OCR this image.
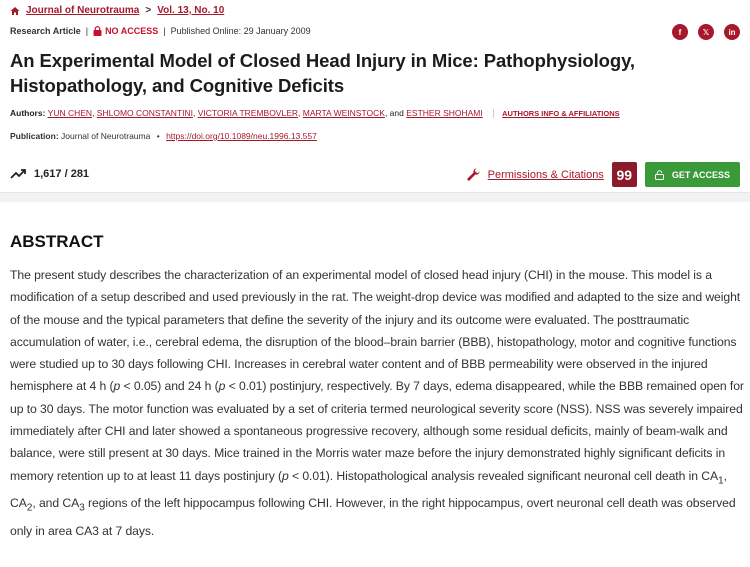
Journal of Neurotrauma > Vol. 13, No. 10
Research Article | NO ACCESS | Published Online: 29 January 2009	f	𝕏	in
An Experimental Model of Closed Head Injury in Mice: Pathophysiology, Histopathology, and Cognitive Deficits
Authors: YUN CHEN, SHLOMO CONSTANTINI, VICTORIA TREMBOVLER, MARTA WEINSTOCK, and ESTHER SHOHAMI	AUTHORS INFO & AFFILIATIONS
Publication: Journal of Neurotrauma • https://doi.org/10.1089/neu.1996.13.557
1,617 / 281	Permissions & Citations 99	GET ACCESS
ABSTRACT

The present study describes the characterization of an experimental model of closed head injury (CHI) in the mouse. This model is a modification of a setup described and used previously in the rat. The weight-drop device was modified and adapted to the size and weight of the mouse and the typical parameters that define the severity of the injury and its outcome were evaluated. The posttraumatic accumulation of water, i.e., cerebral edema, the disruption of the blood–brain barrier (BBB), histopathology, motor and cognitive functions were studied up to 30 days following CHI. Increases in cerebral water content and of BBB permeability were observed in the injured hemisphere at 4 h (p < 0.05) and 24 h (p < 0.01) postinjury, respectively. By 7 days, edema disappeared, while the BBB remained open for up to 30 days. The motor function was evaluated by a set of criteria termed neurological severity score (NSS). NSS was severely impaired immediately after CHI and later showed a spontaneous progressive recovery, although some residual deficits, mainly of beam-walk and balance, were still present at 30 days. Mice trained in the Morris water maze before the injury demonstrated highly significant deficits in memory retention up to at least 11 days postinjury (p < 0.01). Histopathological analysis revealed significant neuronal cell death in $CA_1$, $CA_2$, and $CA_3$ regions of the left hippocampus following CHI. However, in the right hippocampus, overt neuronal cell death was observed only in area CA3 at 7 days.
